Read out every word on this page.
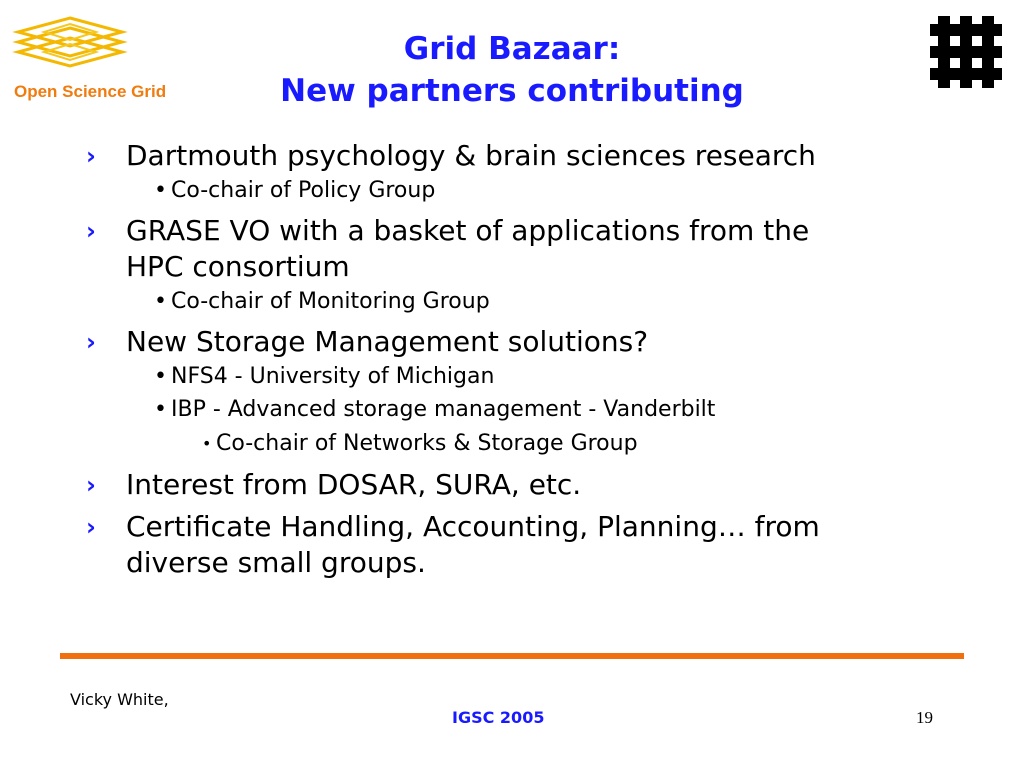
Open Science Grid
Grid Bazaar:
New partners contributing
› Dartmouth psychology & brain sciences research
• Co-chair of Policy Group
› GRASE VO with a basket of applications from the
HPC consortium
• Co-chair of Monitoring Group
› New Storage Management solutions?
• NFS4 - University of Michigan
• IBP - Advanced storage management - Vanderbilt
• Co-chair of Networks & Storage Group
› Interest from DOSAR, SURA, etc.
› Certificate Handling, Accounting, Planning… from
diverse small groups.
Vicky White,
IGSC 2005	19
